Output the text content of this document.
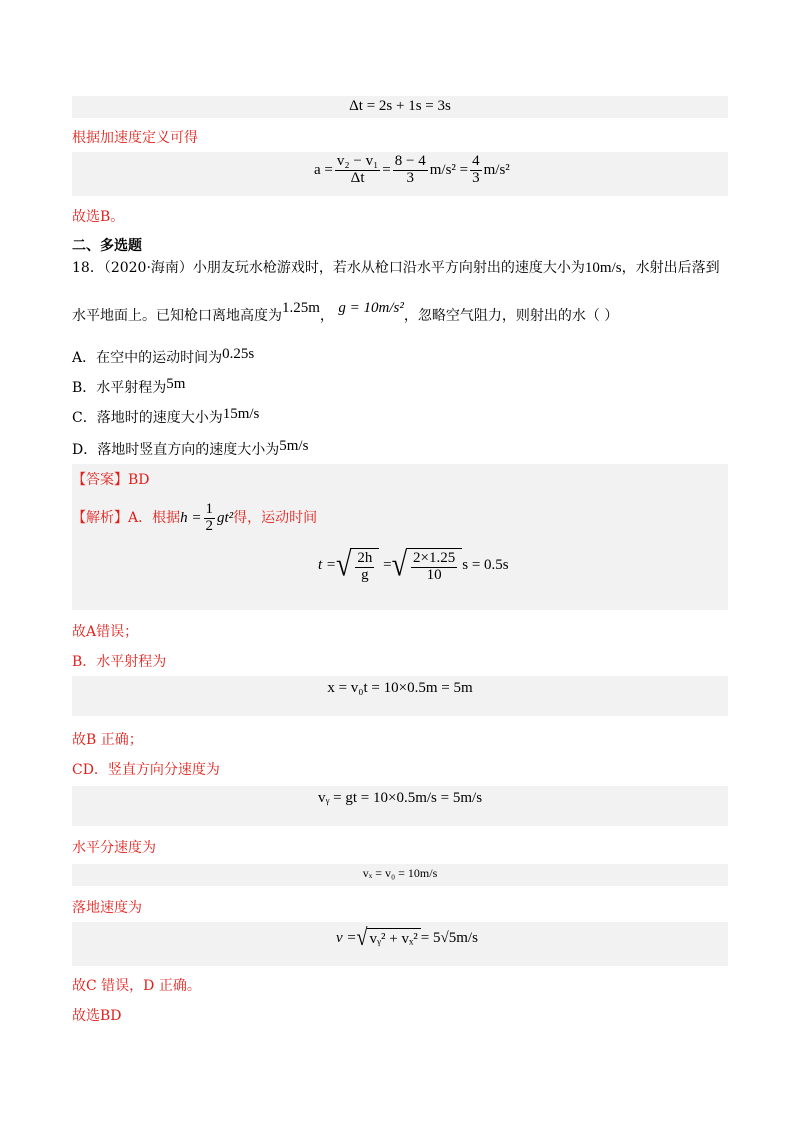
Δt = 2s + 1s = 3s
根据加速度定义可得
$a = \frac{\text{v₂ − v₁}}{\Delta t} = \frac{8 - 4}{3} m/s^2 = \frac{4}{3} m/s^2$
故选B。
二、多选题
18．（2020·海南）小朋友玩水枪游戏时，若水从枪口沿水平方向射出的速度大小为 10m/s ，水射出后落到
水平地面上。已知枪口离地高度为 1.25m ， g = 10m/s² ，忽略空气阻力，则射出的水（ ）
A．在空中的运动时间为 0.25s
B．水平射程为 5m
C．落地时的速度大小为 15m/s
D．落地时竖直方向的速度大小为 5m/s
【答案】BD
【解析】A．根据 $h = \frac{1}{2} gt^2$ 得，运动时间
t = √ $\frac{2h}{g}$ = √ $\frac{2\times 1.25}{10}$ s = 0.5s
故A错误；
B．水平射程为
x = v₀t = 10×0.5m = 5m
故B 正确；
CD．竖直方向分速度为
vᵧ = gt = 10×0.5m/s = 5m/s
水平分速度为
vₓ = v₀ = 10m/s
落地速度为
v = √ vᵧ² + vₓ² = 5√5m/s
故C 错误，D 正确。
故选BD
